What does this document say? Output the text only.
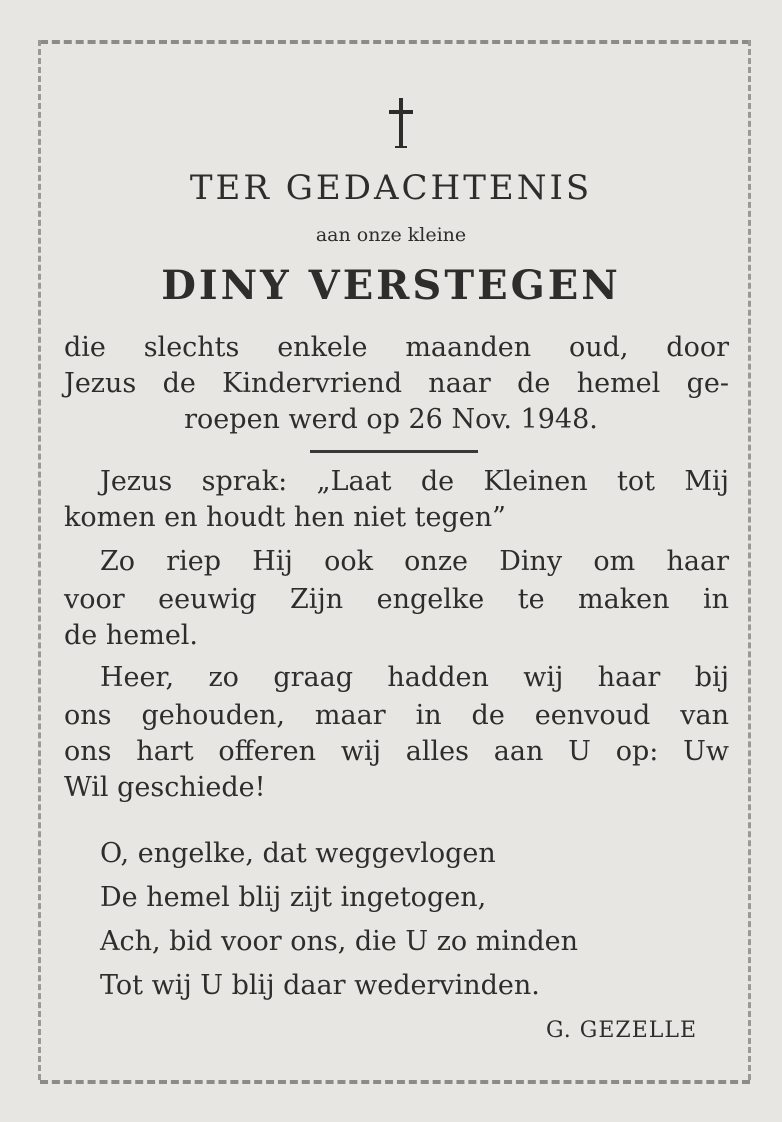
TER GEDACHTENIS
aan onze kleine
DINY VERSTEGEN
die slechts enkele maanden oud, door
Jezus de Kindervriend naar de hemel ge-
roepen werd op 26 Nov. 1948.
Jezus sprak: „Laat de Kleinen tot Mij
komen en houdt hen niet tegen”
Zo riep Hij ook onze Diny om haar
voor eeuwig Zijn engelke te maken in
de hemel.
Heer, zo graag hadden wij haar bij
ons gehouden, maar in de eenvoud van
ons hart offeren wij alles aan U op: Uw
Wil geschiede!
O, engelke, dat weggevlogen
De hemel blij zijt ingetogen,
Ach, bid voor ons, die U zo minden
Tot wij U blij daar wedervinden.
G. GEZELLE
